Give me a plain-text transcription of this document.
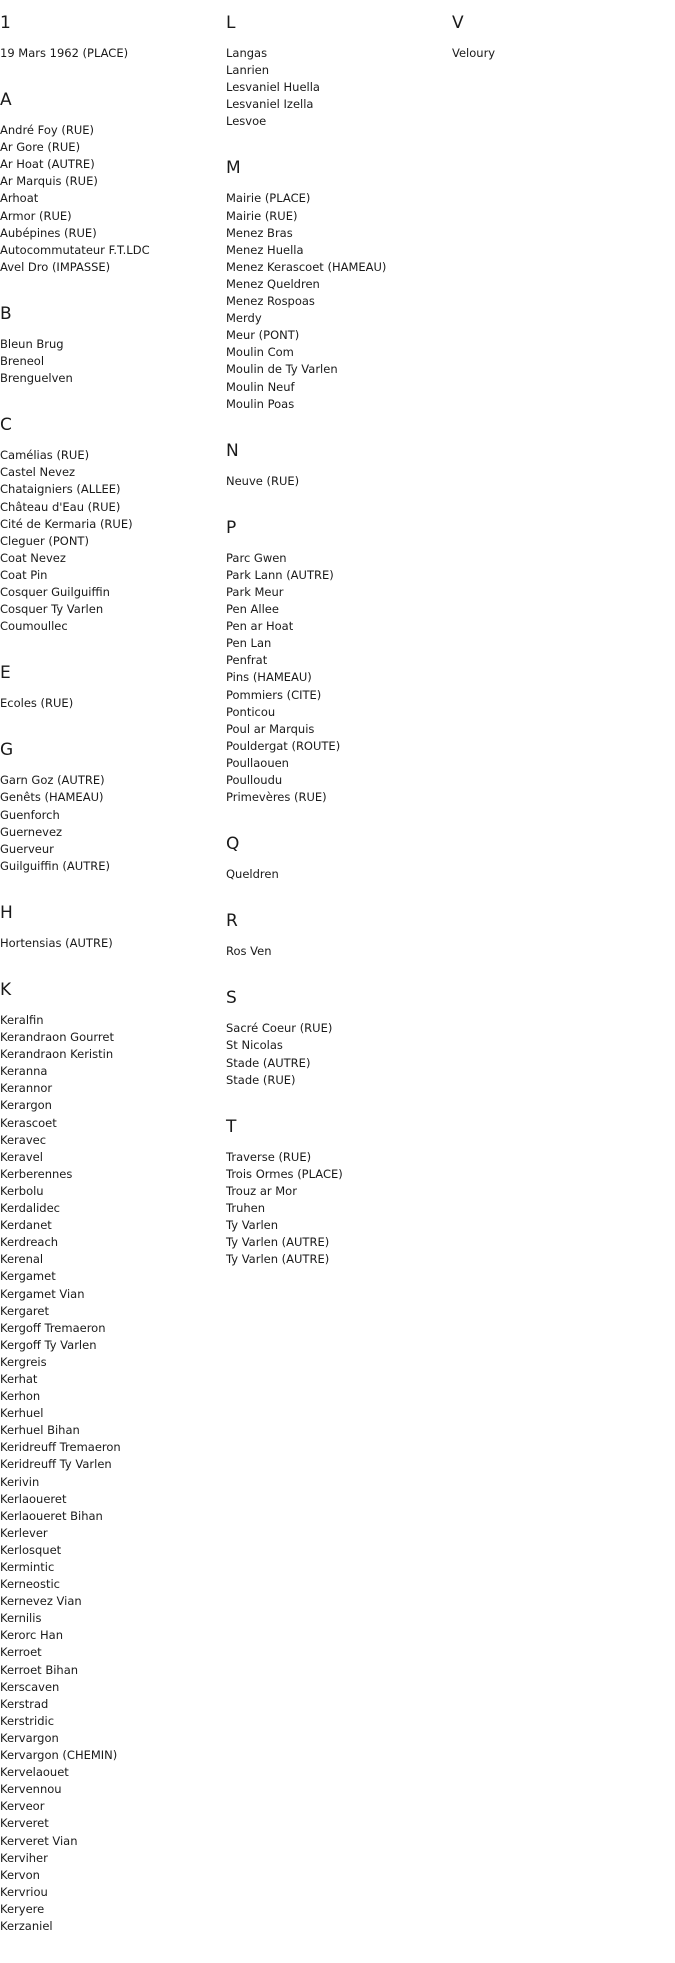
1
19 Mars 1962 (PLACE)
A
André Foy (RUE)
Ar Gore (RUE)
Ar Hoat (AUTRE)
Ar Marquis (RUE)
Arhoat
Armor (RUE)
Aubépines (RUE)
Autocommutateur F.T.LDC
Avel Dro (IMPASSE)
B
Bleun Brug
Breneol
Brenguelven
C
Camélias (RUE)
Castel Nevez
Chataigniers (ALLEE)
Château d'Eau (RUE)
Cité de Kermaria (RUE)
Cleguer (PONT)
Coat Nevez
Coat Pin
Cosquer Guilguiffin
Cosquer Ty Varlen
Coumoullec
E
Ecoles (RUE)
G
Garn Goz (AUTRE)
Genêts (HAMEAU)
Guenforch
Guernevez
Guerveur
Guilguiffin (AUTRE)
H
Hortensias (AUTRE)
K
Keralfin
Kerandraon Gourret
Kerandraon Keristin
Keranna
Kerannor
Kerargon
Kerascoet
Keravec
Keravel
Kerberennes
Kerbolu
Kerdalidec
Kerdanet
Kerdreach
Kerenal
Kergamet
Kergamet Vian
Kergaret
Kergoff Tremaeron
Kergoff Ty Varlen
Kergreis
Kerhat
Kerhon
Kerhuel
Kerhuel Bihan
Keridreuff Tremaeron
Keridreuff Ty Varlen
Kerivin
Kerlaoueret
Kerlaoueret Bihan
Kerlever
Kerlosquet
Kermintic
Kerneostic
Kernevez Vian
Kernilis
Kerorc Han
Kerroet
Kerroet Bihan
Kerscaven
Kerstrad
Kerstridic
Kervargon
Kervargon (CHEMIN)
Kervelaouet
Kervennou
Kerveor
Kerveret
Kerveret Vian
Kerviher
Kervon
Kervriou
Keryere
Kerzaniel
L
Langas
Lanrien
Lesvaniel Huella
Lesvaniel Izella
Lesvoe
M
Mairie (PLACE)
Mairie (RUE)
Menez Bras
Menez Huella
Menez Kerascoet (HAMEAU)
Menez Queldren
Menez Rospoas
Merdy
Meur (PONT)
Moulin Com
Moulin de Ty Varlen
Moulin Neuf
Moulin Poas
N
Neuve (RUE)
P
Parc Gwen
Park Lann (AUTRE)
Park Meur
Pen Allee
Pen ar Hoat
Pen Lan
Penfrat
Pins (HAMEAU)
Pommiers (CITE)
Ponticou
Poul ar Marquis
Pouldergat (ROUTE)
Poullaouen
Poulloudu
Primevères (RUE)
Q
Queldren
R
Ros Ven
S
Sacré Coeur (RUE)
St Nicolas
Stade (AUTRE)
Stade (RUE)
T
Traverse (RUE)
Trois Ormes (PLACE)
Trouz ar Mor
Truhen
Ty Varlen
Ty Varlen (AUTRE)
Ty Varlen (AUTRE)
V
Veloury
